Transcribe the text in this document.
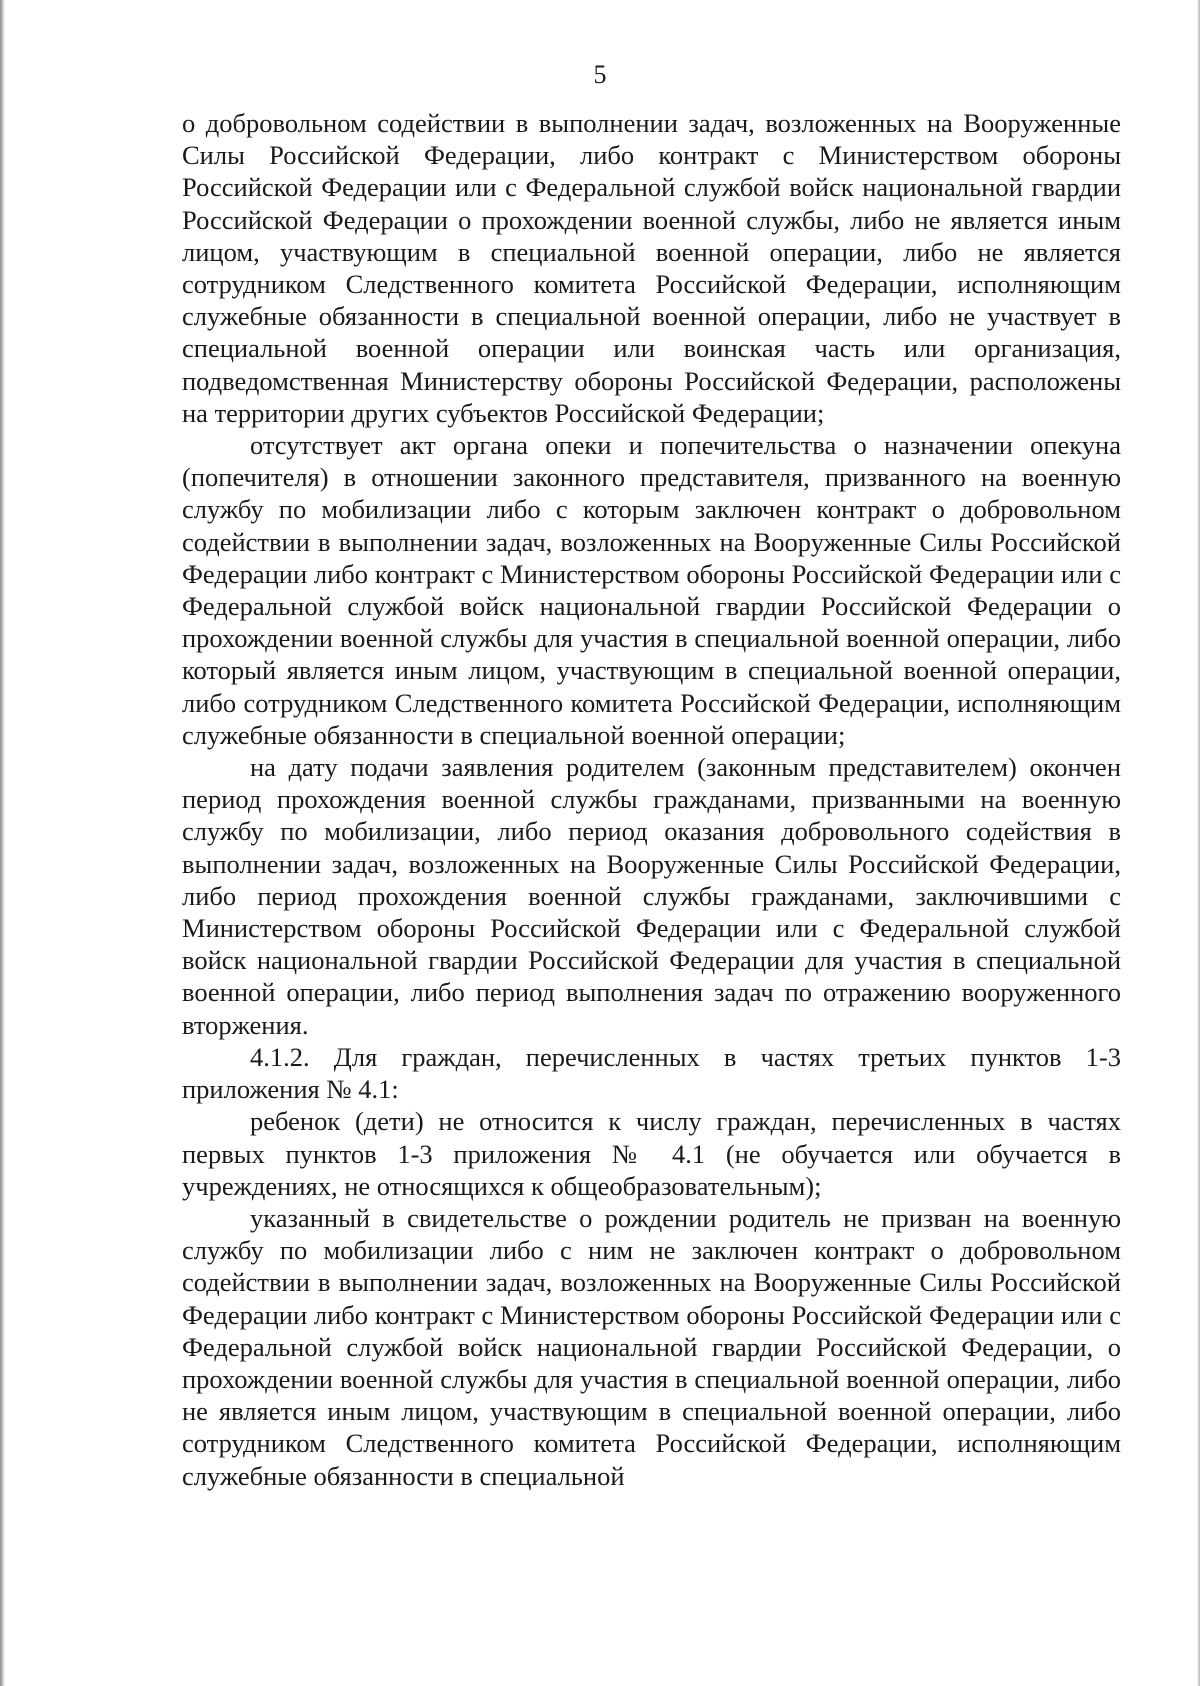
5

о добровольном содействии в выполнении задач, возложенных на Вооруженные Силы Российской Федерации, либо контракт с Министерством обороны Российской Федерации или с Федеральной службой войск национальной гвардии Российской Федерации о прохождении военной службы, либо не является иным лицом, участвующим в специальной военной операции, либо не является сотрудником Следственного комитета Российской Федерации, исполняющим служебные обязанности в специальной военной операции, либо не участвует в специальной военной операции или воинская часть или организация, подведомственная Министерству обороны Российской Федерации, расположены на территории других субъектов Российской Федерации;

отсутствует акт органа опеки и попечительства о назначении опекуна (попечителя) в отношении законного представителя, призванного на военную службу по мобилизации либо с которым заключен контракт о добровольном содействии в выполнении задач, возложенных на Вооруженные Силы Российской Федерации либо контракт с Министерством обороны Российской Федерации или с Федеральной службой войск национальной гвардии Российской Федерации о прохождении военной службы для участия в специальной военной операции, либо который является иным лицом, участвующим в специальной военной операции, либо сотрудником Следственного комитета Российской Федерации, исполняющим служебные обязанности в специальной военной операции;

на дату подачи заявления родителем (законным представителем) окончен период прохождения военной службы гражданами, призванными на военную службу по мобилизации, либо период оказания добровольного содействия в выполнении задач, возложенных на Вооруженные Силы Российской Федерации, либо период прохождения военной службы гражданами, заключившими с Министерством обороны Российской Федерации или с Федеральной службой войск национальной гвардии Российской Федерации для участия в специальной военной операции, либо период выполнения задач по отражению вооруженного вторжения.

4.1.2. Для граждан, перечисленных в частях третьих пунктов 1-3 приложения № 4.1:

ребенок (дети) не относится к числу граждан, перечисленных в частях первых пунктов 1-3 приложения № 4.1 (не обучается или обучается в учреждениях, не относящихся к общеобразовательным);

указанный в свидетельстве о рождении родитель не призван на военную службу по мобилизации либо с ним не заключен контракт о добровольном содействии в выполнении задач, возложенных на Вооруженные Силы Российской Федерации либо контракт с Министерством обороны Российской Федерации или с Федеральной службой войск национальной гвардии Российской Федерации, о прохождении военной службы для участия в специальной военной операции, либо не является иным лицом, участвующим в специальной военной операции, либо сотрудником Следственного комитета Российской Федерации, исполняющим служебные обязанности в специальной
